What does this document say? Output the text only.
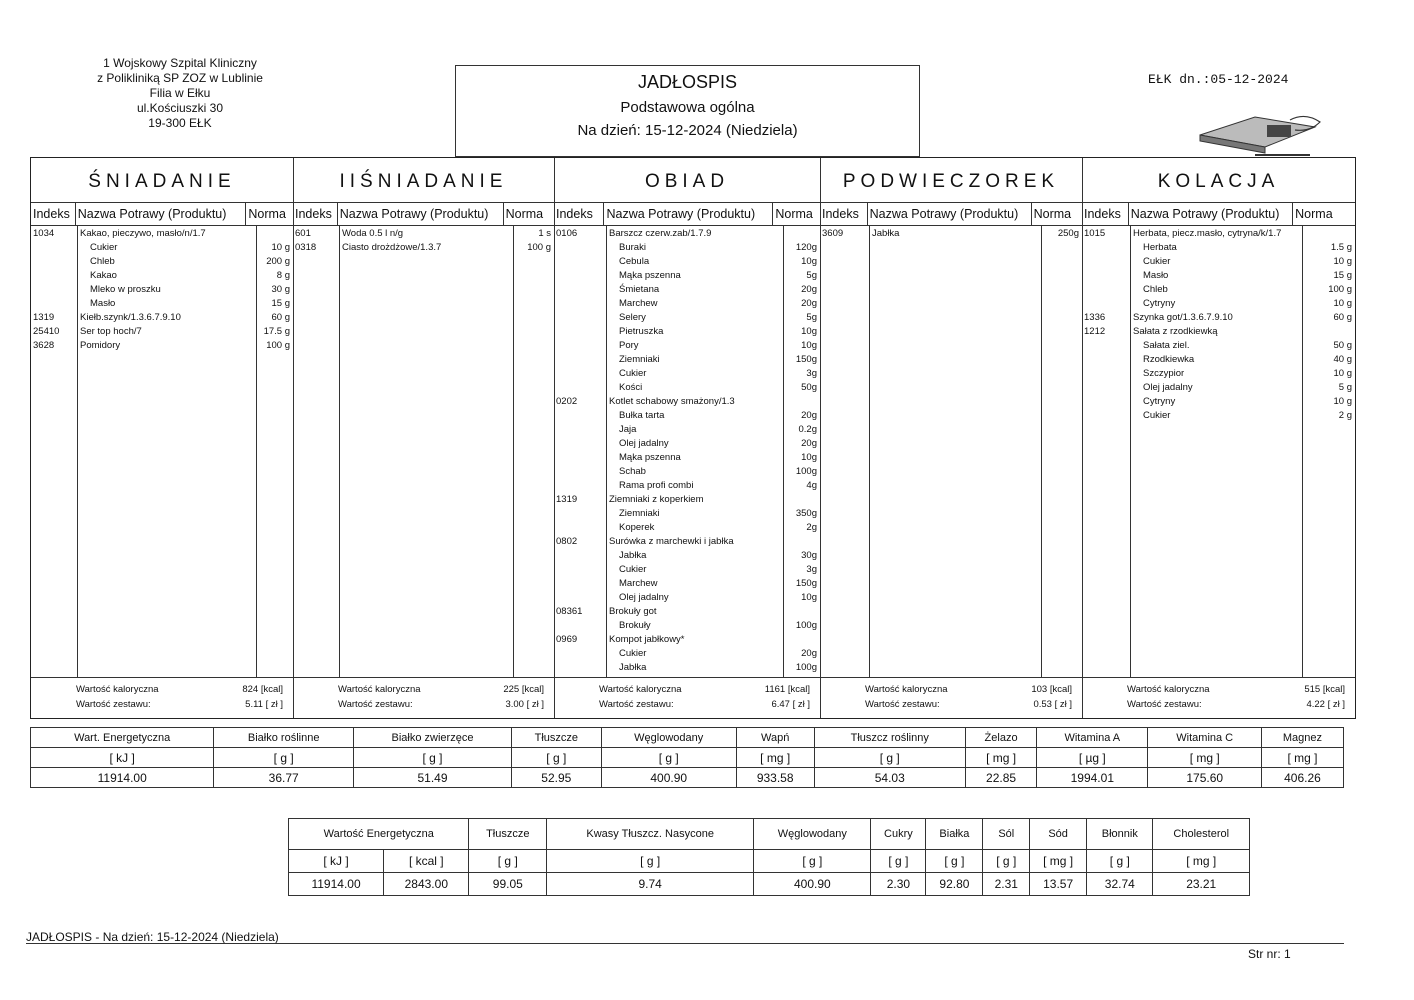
1 Wojskowy Szpital Kliniczny
z Polikliniką SP ZOZ w Lublinie
Filia w Ełku
ul.Kościuszki 30
19-300 EŁK
JADŁOSPIS
Podstawowa ogólna
Na dzień: 15-12-2024 (Niedziela)
EŁK dn.:05-12-2024
ŚNIADANIE
Indeks Nazwa Potrawy (Produktu)	Norma
1034	Kakao, pieczywo, masło/n/1.7
Cukier	10 g
Chleb	200 g
Kakao	8 g
Mleko w proszku	30 g
Masło	15 g
1319	Kiełb.szynk/1.3.6.7.9.10	60 g
25410 Ser top hoch/7	17.5 g
3628	Pomidory	100 g
Wartość kaloryczna	824 [kcal]
Wartość zestawu:	5.11 [ zł ]
IIŚNIADANIE
Indeks Nazwa Potrawy (Produktu)	Norma
601	Woda 0.5 l n/g	1 s
0318	Ciasto drożdżowe/1.3.7	100 g
Wartość kaloryczna	225 [kcal]
Wartość zestawu:	3.00 [ zł ]
OBIAD
Indeks	Nazwa Potrawy (Produktu)	Norma
0106	Barszcz czerw.zab/1.7.9
Buraki	120g
Cebula	10g
Mąka pszenna	5g
Śmietana	20g
Marchew	20g
Selery	5g
Pietruszka	10g
Pory	10g
Ziemniaki	150g
Cukier	3g
Kości	50g
0202	Kotlet schabowy smażony/1.3
Bułka tarta	20g
Jaja	0.2g
Olej jadalny	20g
Mąka pszenna	10g
Schab	100g
Rama profi combi	4g
1319	Ziemniaki z koperkiem
Ziemniaki	350g
Koperek	2g
0802	Surówka z marchewki i jabłka
Jabłka	30g
Cukier	3g
Marchew	150g
Olej jadalny	10g
08361	Brokuły got
Brokuły	100g
0969	Kompot jabłkowy*
Cukier	20g
Jabłka	100g
Wartość kaloryczna	1161 [kcal]
Wartość zestawu:	6.47 [ zł ]
PODWIECZOREK
Indeks Nazwa Potrawy (Produktu)	Norma
3609	Jabłka	250g
Wartość kaloryczna	103 [kcal]
Wartość zestawu:	0.53 [ zł ]
KOLACJA
Indeks Nazwa Potrawy (Produktu)	Norma
1015	Herbata, piecz.masło, cytryna/k/1.7
Herbata	1.5 g
Cukier	10 g
Masło	15 g
Chleb	100 g
Cytryny	10 g
1336	Szynka got/1.3.6.7.9.10	60 g
1212	Sałata z rzodkiewką
Sałata ziel.	50 g
Rzodkiewka	40 g
Szczypior	10 g
Olej jadalny	5 g
Cytryny	10 g
Cukier	2 g
Wartość kaloryczna	515 [kcal]
Wartość zestawu:	4.22 [ zł ]
Wart. Energetyczna	Białko roślinne	Białko zwierzęce	Tłuszcze	Węglowodany	Wapń	Tłuszcz roślinny	Żelazo	Witamina A	Witamina C	Magnez
[ kJ ]	[ g ]	[ g ]	[ g ]	[ g ]	[ mg ]	[ g ]	[ mg ]	[ µg ]	[ mg ]	[ mg ]
11914.00	36.77	51.49	52.95	400.90	933.58	54.03	22.85	1994.01	175.60	406.26
Wartość Energetyczna		Tłuszcze	Kwasy Tłuszcz. Nasycone	Węglowodany	Cukry	Białka	Sól	Sód	Błonnik	Cholesterol
[ kJ ]	[ kcal ]	[ g ]	[ g ]	[ g ]	[ g ]	[ g ]	[ g ]	[ mg ]	[ g ]	[ mg ]
11914.00	2843.00	99.05	9.74	400.90	2.30	92.80	2.31	13.57	32.74	23.21
JADŁOSPIS - Na dzień: 15-12-2024 (Niedziela)
Str nr: 1
